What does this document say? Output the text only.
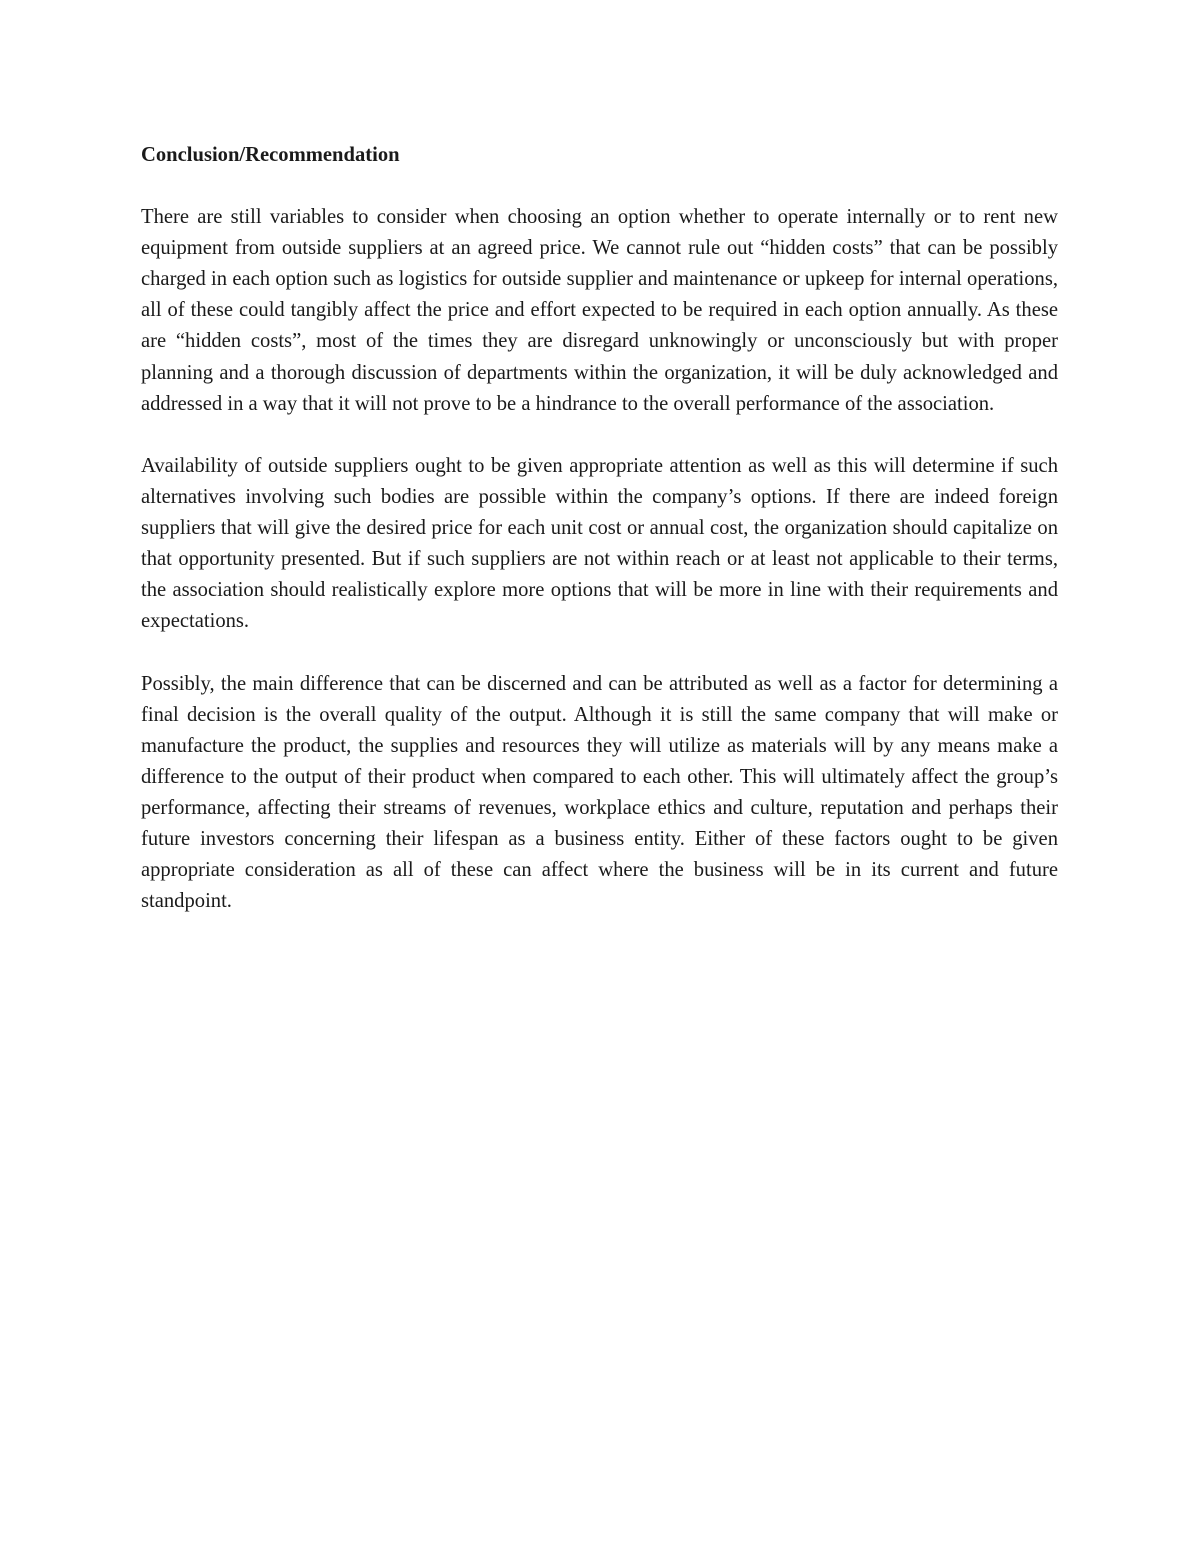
Conclusion/Recommendation

There are still variables to consider when choosing an option whether to operate internally or to rent new equipment from outside suppliers at an agreed price. We cannot rule out “hidden costs” that can be possibly charged in each option such as logistics for outside supplier and maintenance or upkeep for internal operations, all of these could tangibly affect the price and effort expected to be required in each option annually. As these are “hidden costs”, most of the times they are disregard unknowingly or unconsciously but with proper planning and a thorough discussion of departments within the organization, it will be duly acknowledged and addressed in a way that it will not prove to be a hindrance to the overall performance of the association.

Availability of outside suppliers ought to be given appropriate attention as well as this will determine if such alternatives involving such bodies are possible within the company’s options. If there are indeed foreign suppliers that will give the desired price for each unit cost or annual cost, the organization should capitalize on that opportunity presented. But if such suppliers are not within reach or at least not applicable to their terms, the association should realistically explore more options that will be more in line with their requirements and expectations.

Possibly, the main difference that can be discerned and can be attributed as well as a factor for determining a final decision is the overall quality of the output. Although it is still the same company that will make or manufacture the product, the supplies and resources they will utilize as materials will by any means make a difference to the output of their product when compared to each other. This will ultimately affect the group’s performance, affecting their streams of revenues, workplace ethics and culture, reputation and perhaps their future investors concerning their lifespan as a business entity. Either of these factors ought to be given appropriate consideration as all of these can affect where the business will be in its current and future standpoint.
